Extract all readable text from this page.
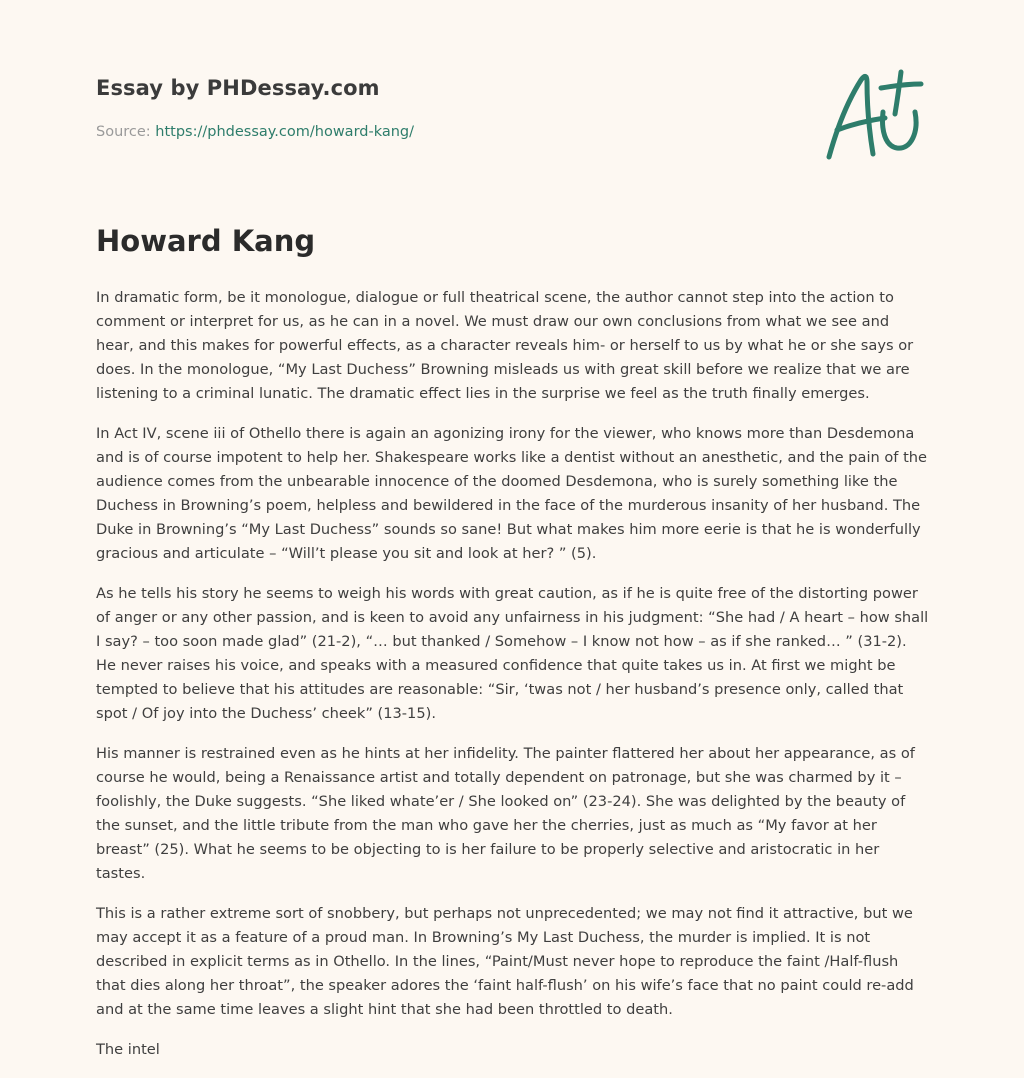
Essay by PHDessay.com
Source: https://phdessay.com/howard-kang/
Howard Kang

In dramatic form, be it monologue, dialogue or full theatrical scene, the author cannot step into the action to comment or interpret for us, as he can in a novel. We must draw our own conclusions from what we see and hear, and this makes for powerful effects, as a character reveals him- or herself to us by what he or she says or does. In the monologue, “My Last Duchess” Browning misleads us with great skill before we realize that we are listening to a criminal lunatic. The dramatic effect lies in the surprise we feel as the truth finally emerges.

In Act IV, scene iii of Othello there is again an agonizing irony for the viewer, who knows more than Desdemona and is of course impotent to help her. Shakespeare works like a dentist without an anesthetic, and the pain of the audience comes from the unbearable innocence of the doomed Desdemona, who is surely something like the Duchess in Browning’s poem, helpless and bewildered in the face of the murderous insanity of her husband. The Duke in Browning’s “My Last Duchess” sounds so sane! But what makes him more eerie is that he is wonderfully gracious and articulate – “Will’t please you sit and look at her? ” (5).

As he tells his story he seems to weigh his words with great caution, as if he is quite free of the distorting power of anger or any other passion, and is keen to avoid any unfairness in his judgment: “She had / A heart – how shall I say? – too soon made glad” (21-2), “… but thanked / Somehow – I know not how – as if she ranked… ” (31-2). He never raises his voice, and speaks with a measured confidence that quite takes us in. At first we might be tempted to believe that his attitudes are reasonable: “Sir, ‘twas not / her husband’s presence only, called that spot / Of joy into the Duchess’ cheek” (13-15).

His manner is restrained even as he hints at her infidelity. The painter flattered her about her appearance, as of course he would, being a Renaissance artist and totally dependent on patronage, but she was charmed by it – foolishly, the Duke suggests. “She liked whate’er / She looked on” (23-24). She was delighted by the beauty of the sunset, and the little tribute from the man who gave her the cherries, just as much as “My favor at her breast” (25). What he seems to be objecting to is her failure to be properly selective and aristocratic in her tastes.

This is a rather extreme sort of snobbery, but perhaps not unprecedented; we may not find it attractive, but we may accept it as a feature of a proud man. In Browning’s My Last Duchess, the murder is implied. It is not described in explicit terms as in Othello. In the lines, “Paint/Must never hope to reproduce the faint /Half-flush that dies along her throat”, the speaker adores the ‘faint half-flush’ on his wife’s face that no paint could re-add and at the same time leaves a slight hint that she had been throttled to death.

The intel
